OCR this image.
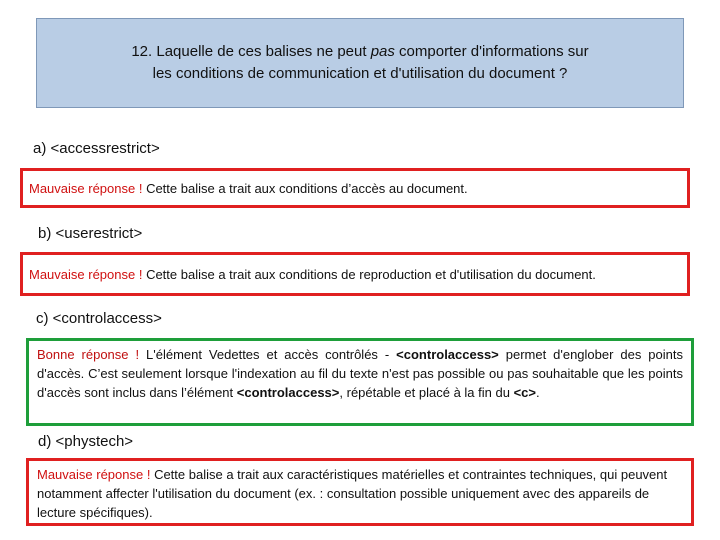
12. Laquelle de ces balises ne peut pas comporter d'informations sur
les conditions de communication et d'utilisation du document ?
a) <accessrestrict>
Mauvaise réponse ! Cette balise a trait aux conditions d’accès au document.
b) <userestrict>
Mauvaise réponse ! Cette balise a trait aux conditions de reproduction et d'utilisation du document.
c) <controlaccess>
Bonne réponse ! L'élément Vedettes et accès contrôlés - <controlaccess> permet d'englober des points d'accès. C’est seulement lorsque l'indexation au fil du texte n'est pas possible ou pas souhaitable que les points d'accès sont inclus dans l’élément <controlaccess>, répétable et placé à la fin du <c>.
d) <phystech>
Mauvaise réponse ! Cette balise a trait aux caractéristiques matérielles et contraintes techniques, qui peuvent notamment affecter l'utilisation du document (ex. : consultation possible uniquement avec des appareils de lecture spécifiques).
